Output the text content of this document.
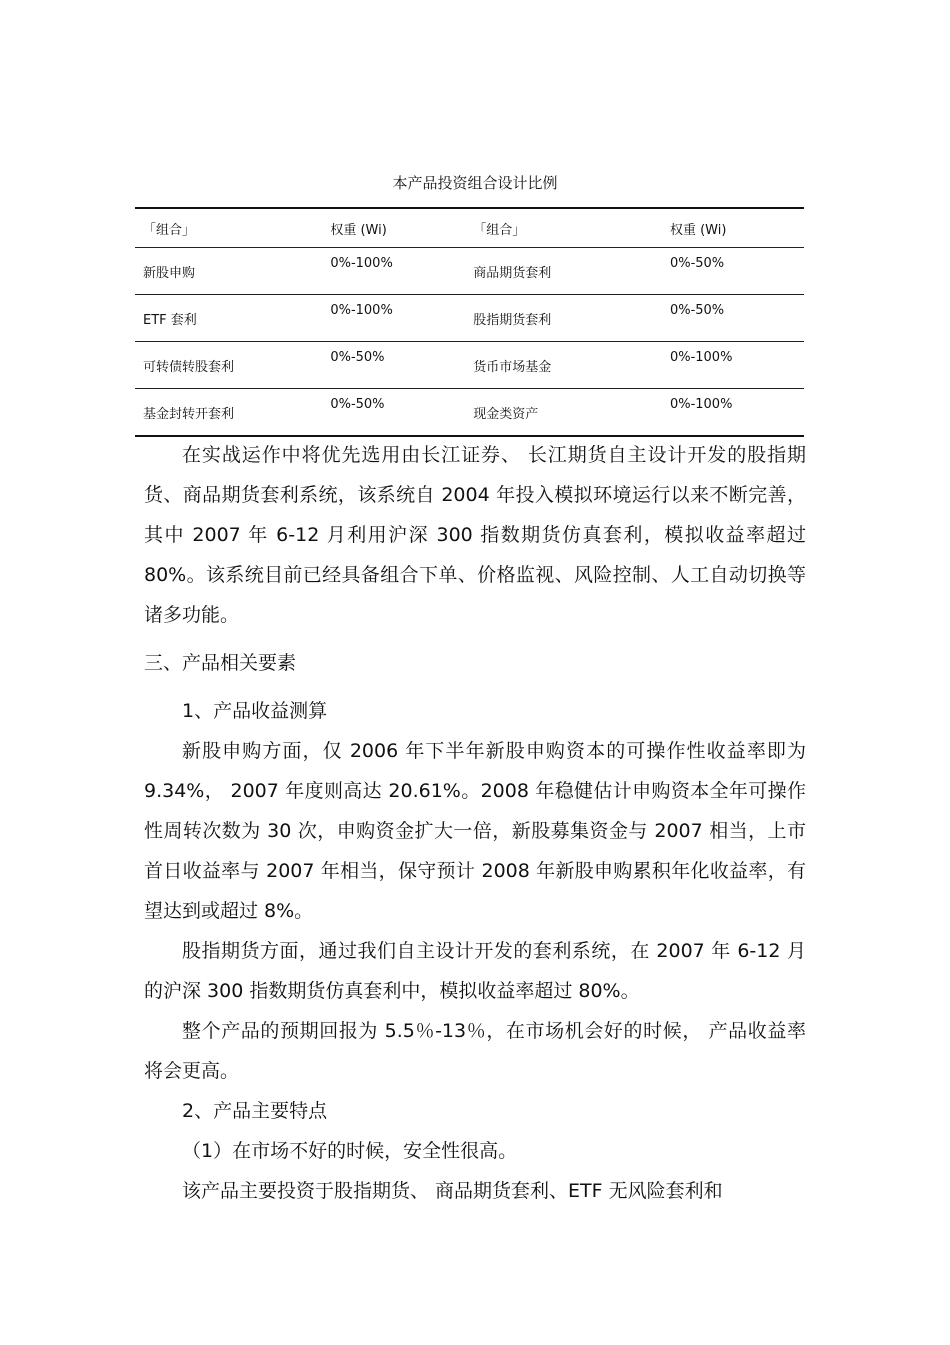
本产品投资组合设计比例
「组合」	权重 (Wi)	「组合」	权重 (Wi)
新股申购	0%-100%	商品期货套利	0%-50%
ETF 套利	0%-100%	股指期货套利	0%-50%
可转债转股套利	0%-50%	货币市场基金	0%-100%
基金封转开套利	0%-50%	现金类资产	0%-100%

在实战运作中将优先选用由长江证券、 长江期货自主设计开发的股指期货、商品期货套利系统，该系统自 2004 年投入模拟环境运行以来不断完善，其中 2007 年 6-12 月利用沪深 300 指数期货仿真套利，模拟收益率超过 80%。该系统目前已经具备组合下单、价格监视、风险控制、人工自动切换等诸多功能。

三、产品相关要素

1、产品收益测算

新股申购方面，仅 2006 年下半年新股申购资本的可操作性收益率即为 9.34%， 2007 年度则高达 20.61%。2008 年稳健估计申购资本全年可操作性周转次数为 30 次，申购资金扩大一倍，新股募集资金与 2007 相当，上市首日收益率与 2007 年相当，保守预计 2008 年新股申购累积年化收益率，有望达到或超过 8%。

股指期货方面，通过我们自主设计开发的套利系统，在 2007 年 6-12 月的沪深 300 指数期货仿真套利中，模拟收益率超过 80%。

整个产品的预期回报为 5.5％-13％，在市场机会好的时候， 产品收益率将会更高。

2、产品主要特点

（1）在市场不好的时候，安全性很高。

该产品主要投资于股指期货、 商品期货套利、ETF 无风险套利和
